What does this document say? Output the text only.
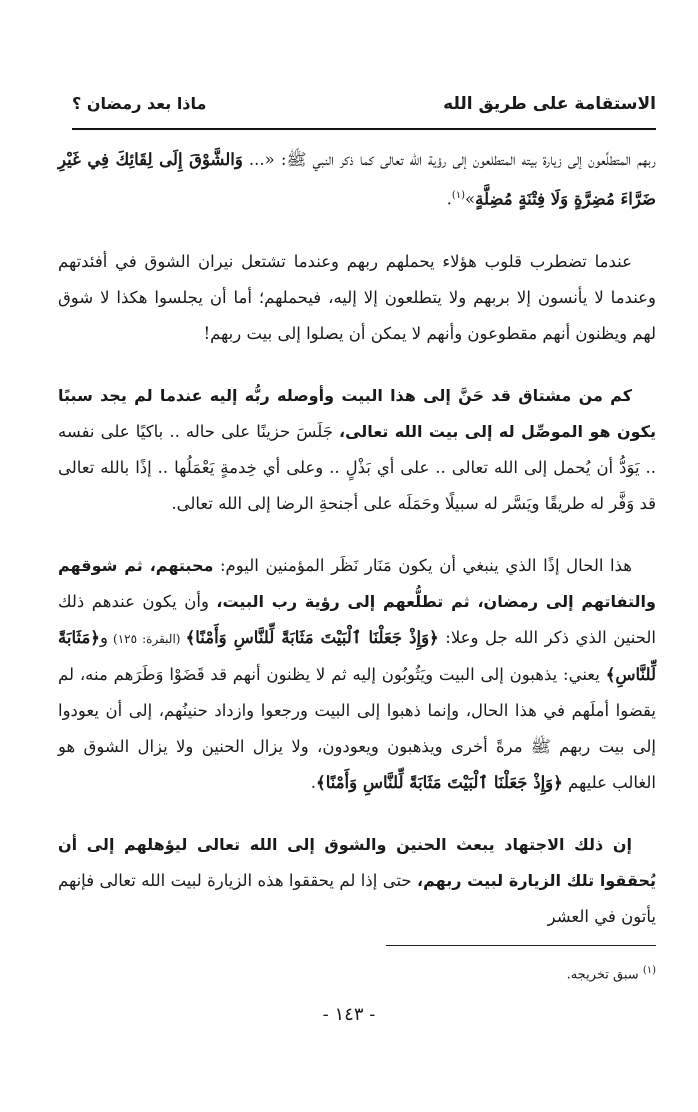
الاستقامة على طريق الله
ماذا بعد رمضان ؟

ربهم المتطلِّعون إلى زيارة بيته المتطلعون إلى رؤية الله تعالى كما ذكر النبي ﷺ: «... وَالشَّوْقَ إِلَى لِقَائِكَ فِي غَيْرِ ضَرَّاءَ مُضِرَّةٍ وَلَا فِتْنَةٍ مُضِلَّةٍ»$^{(١)}$.

عندما تضطرب قلوب هؤلاء يحملهم ربهم وعندما تشتعل نيران الشوق في أفئدتهم وعندما لا يأنسون إلا بربهم ولا يتطلعون إلا إليه، فيحملهم؛ أما أن يجلسوا هكذا لا شوق لهم ويظنون أنهم مقطوعون وأنهم لا يمكن أن يصلوا إلى بيت ربهم!

كم من مشتاق قد حَنَّ إلى هذا البيت وأوصله ربُّه إليه عندما لم يجد سببًا يكون هو الموصِّل له إلى بيت الله تعالى، جَلَسَ حزينًا على حاله .. باكيًا على نفسه .. يَوَدُّ أن يُحمل إلى الله تعالى .. على أي بَذْلٍ .. وعلى أي خِدمةٍ يَعْمَلُها .. إذًا بالله تعالى قد وَفَّر له طريقًا ويَسَّر له سبيلًا وحَمَلَه على أجنحةِ الرضا إلى الله تعالى.

هذا الحال إذًا الذي ينبغي أن يكون مَنَار نَظَر المؤمنين اليوم: محبتهم، ثم شوقهم والتفاتهم إلى رمضان، ثم تطلُّعهم إلى رؤية رب البيت، وأن يكون عندهم ذلك الحنين الذي ذكر الله جل وعلا: ﴿وَإِذْ جَعَلْنَا ٱلْبَيْتَ مَثَابَةً لِّلنَّاسِ وَأَمْنًا﴾ (البقرة: ١٢٥) و﴿مَثَابَةً لِّلنَّاسِ﴾ يعني: يذهبون إلى البيت ويَثُوبُون إليه ثم لا يظنون أنهم قد قَضَوْا وَطَرَهم منه، لم يقضوا أملَهم في هذا الحال، وإنما ذهبوا إلى البيت ورجعوا وازداد حنينُهم، إلى أن يعودوا إلى بيت ربهم ﷺ مرةً أخرى ويذهبون ويعودون، ولا يزال الحنين ولا يزال الشوق هو الغالب عليهم ﴿وَإِذْ جَعَلْنَا ٱلْبَيْتَ مَثَابَةً لِّلنَّاسِ وَأَمْنًا﴾.

إن ذلك الاجتهاد يبعث الحنين والشوق إلى الله تعالى ليؤهلهم إلى أن يُحققوا تلك الزيارة لبيت ربهم، حتى إذا لم يحققوا هذه الزيارة لبيت الله تعالى فإنهم يأتون في العشر

$^{(١)}$ سبق تخريجه.
- ١٤٣ -
